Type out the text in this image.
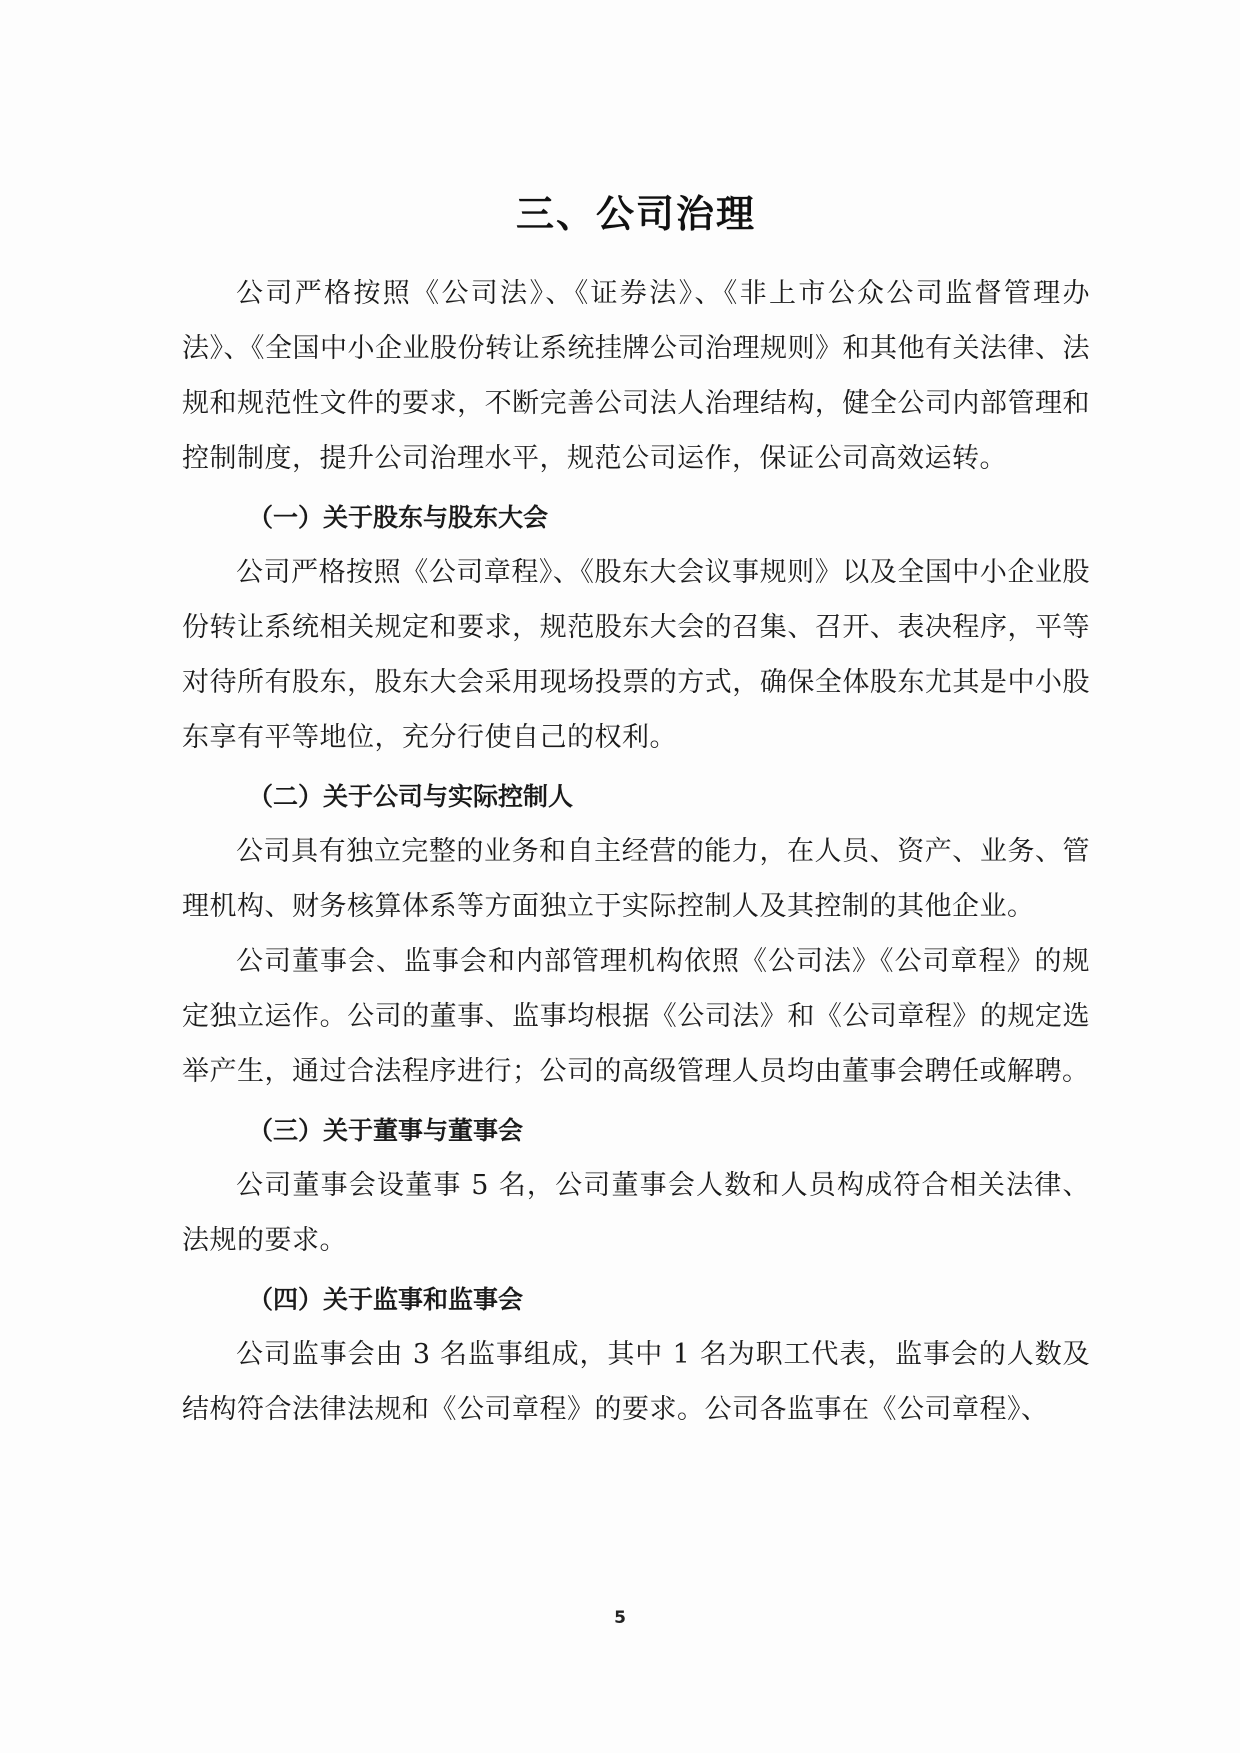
三、公司治理

公司严格按照《公司法》、《证券法》、《非上市公众公司监督管理办法》、《全国中小企业股份转让系统挂牌公司治理规则》和其他有关法律、法规和规范性文件的要求，不断完善公司法人治理结构，健全公司内部管理和控制制度，提升公司治理水平，规范公司运作，保证公司高效运转。

（一）关于股东与股东大会

公司严格按照《公司章程》、《股东大会议事规则》以及全国中小企业股份转让系统相关规定和要求，规范股东大会的召集、召开、表决程序，平等对待所有股东，股东大会采用现场投票的方式，确保全体股东尤其是中小股东享有平等地位，充分行使自己的权利。

（二）关于公司与实际控制人

公司具有独立完整的业务和自主经营的能力，在人员、资产、业务、管理机构、财务核算体系等方面独立于实际控制人及其控制的其他企业。

公司董事会、监事会和内部管理机构依照《公司法》《公司章程》的规定独立运作。公司的董事、监事均根据《公司法》和《公司章程》的规定选举产生，通过合法程序进行；公司的高级管理人员均由董事会聘任或解聘。

（三）关于董事与董事会

公司董事会设董事 5 名，公司董事会人数和人员构成符合相关法律、法规的要求。

（四）关于监事和监事会

公司监事会由 3 名监事组成，其中 1 名为职工代表，监事会的人数及结构符合法律法规和《公司章程》的要求。公司各监事在《公司章程》、

5
